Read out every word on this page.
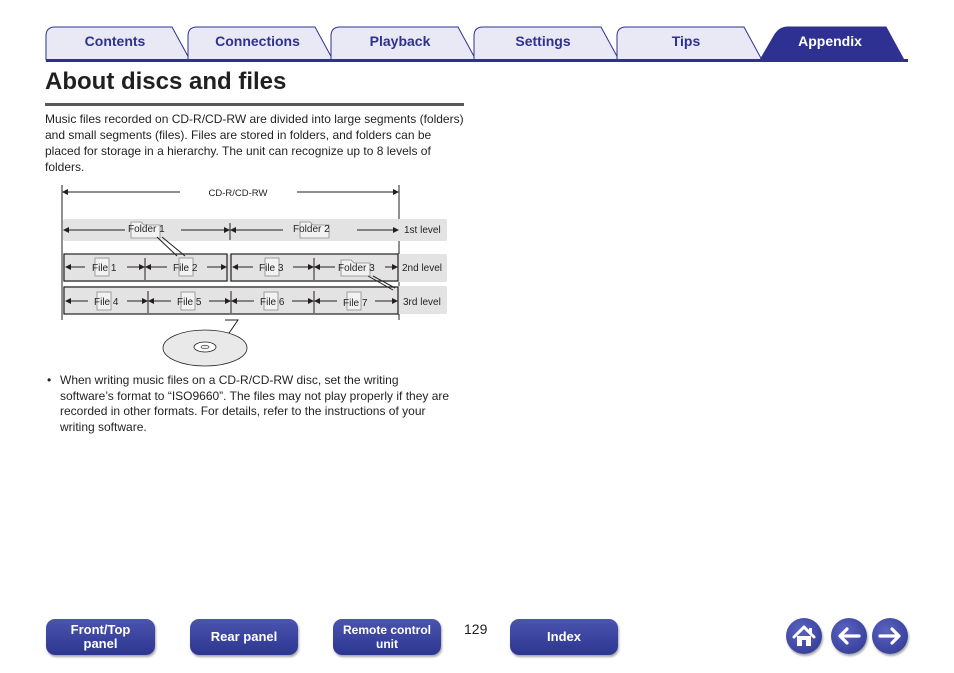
Contents	Connections	Playback	Settings	Tips	Appendix
About discs and files

Music files recorded on CD-R/CD-RW are divided into large segments (folders) and small segments (files). Files are stored in folders, and folders can be placed for storage in a hierarchy. The unit can recognize up to 8 levels of folders.

CD-R/CD-RW
1st level
2nd level
3rd level
Folder 1	Folder 2
File 1	File 2	File 3	Folder 3
File 4	File 5	File 6	File 7
• When writing music files on a CD-R/CD-RW disc, set the writing software’s format to “ISO9660”. The files may not play properly if they are recorded in other formats. For details, refer to the instructions of your writing software.
Front/Top
panel	Rear panel	Remote control
unit
129	Index
